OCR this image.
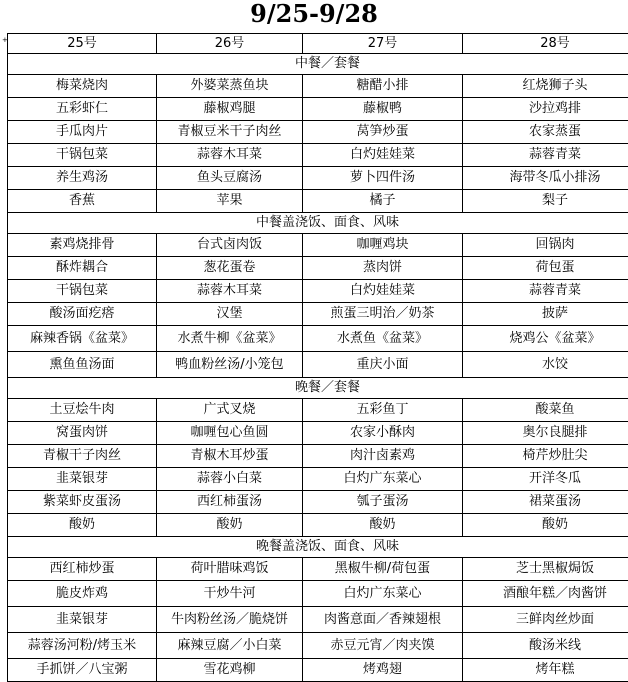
9/25-9/28
+	25号	26号	27号	28号
中餐／套餐			
梅菜烧肉	外婆菜蒸鱼块	糖醋小排	红烧狮子头
五彩虾仁	藤椒鸡腿	藤椒鸭	沙拉鸡排
手瓜肉片	青椒豆米干子肉丝	莴笋炒蛋	农家蒸蛋
干锅包菜	蒜蓉木耳菜	白灼娃娃菜	蒜蓉青菜
养生鸡汤	鱼头豆腐汤	萝卜四件汤	海带冬瓜小排汤
香蕉	苹果	橘子	梨子
中餐盖浇饭、面食、风味			
素鸡烧排骨	台式卤肉饭	咖喱鸡块	回锅肉
酥炸耦合	葱花蛋卷	蒸肉饼	荷包蛋
干锅包菜	蒜蓉木耳菜	白灼娃娃菜	蒜蓉青菜
酸汤面疙瘩	汉堡	煎蛋三明治／奶茶	披萨
麻辣香锅《盆菜》	水煮牛柳《盆菜》	水煮鱼《盆菜》	烧鸡公《盆菜》
熏鱼鱼汤面	鸭血粉丝汤/小笼包	重庆小面	水饺
晚餐／套餐			
土豆烩牛肉	广式叉烧	五彩鱼丁	酸菜鱼
窝蛋肉饼	咖喱包心鱼圆	农家小酥肉	奥尔良腿排
青椒干子肉丝	青椒木耳炒蛋	肉汁卤素鸡	椅芹炒肚尖
韭菜银芽	蒜蓉小白菜	白灼广东菜心	开洋冬瓜
紫菜虾皮蛋汤	西红柿蛋汤	瓠子蛋汤	裙菜蛋汤
酸奶	酸奶	酸奶	酸奶
晚餐盖浇饭、面食、风味			
西红柿炒蛋	荷叶腊味鸡饭	黑椒牛柳/荷包蛋	芝士黑椒焗饭
脆皮炸鸡	干炒牛河	白灼广东菜心	酒酿年糕／肉酱饼
韭菜银芽	牛肉粉丝汤／脆烧饼	肉酱意面／香辣翅根	三鲜肉丝炒面
蒜蓉汤河粉/烤玉米	麻辣豆腐／小白菜	赤豆元宵／肉夹馍	酸汤米线
手抓饼／八宝粥	雪花鸡柳	烤鸡翅	烤年糕
